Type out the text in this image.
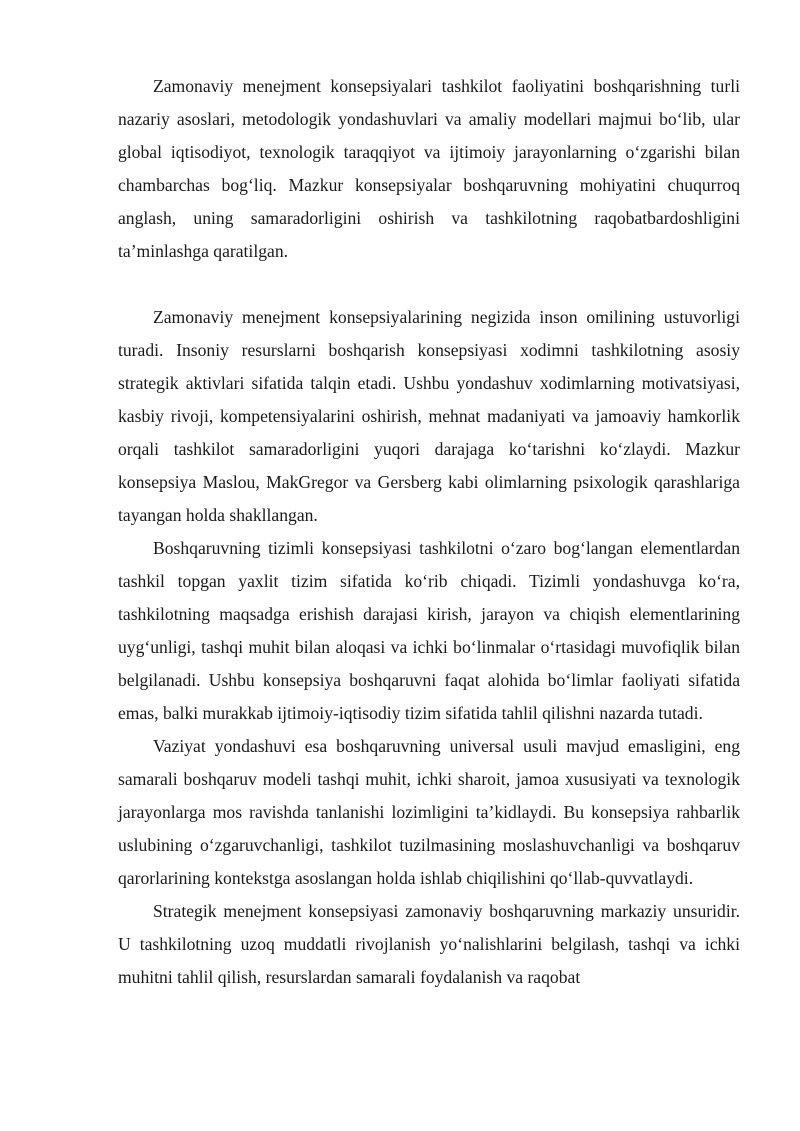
Zamonaviy menejment konsepsiyalari tashkilot faoliyatini boshqarishning turli nazariy asoslari, metodologik yondashuvlari va amaliy modellari majmui bo‘lib, ular global iqtisodiyot, texnologik taraqqiyot va ijtimoiy jarayonlarning o‘zgarishi bilan chambarchas bog‘liq. Mazkur konsepsiyalar boshqaruvning mohiyatini chuqurroq anglash, uning samaradorligini oshirish va tashkilotning raqobatbardoshligini ta’minlashga qaratilgan.

Zamonaviy menejment konsepsiyalarining negizida inson omilining ustuvorligi turadi. Insoniy resurslarni boshqarish konsepsiyasi xodimni tashkilotning asosiy strategik aktivlari sifatida talqin etadi. Ushbu yondashuv xodimlarning motivatsiyasi, kasbiy rivoji, kompetensiyalarini oshirish, mehnat madaniyati va jamoaviy hamkorlik orqali tashkilot samaradorligini yuqori darajaga ko‘tarishni ko‘zlaydi. Mazkur konsepsiya Maslou, MakGregor va Gersberg kabi olimlarning psixologik qarashlariga tayangan holda shakllangan.

Boshqaruvning tizimli konsepsiyasi tashkilotni o‘zaro bog‘langan elementlardan tashkil topgan yaxlit tizim sifatida ko‘rib chiqadi. Tizimli yondashuvga ko‘ra, tashkilotning maqsadga erishish darajasi kirish, jarayon va chiqish elementlarining uyg‘unligi, tashqi muhit bilan aloqasi va ichki bo‘linmalar o‘rtasidagi muvofiqlik bilan belgilanadi. Ushbu konsepsiya boshqaruvni faqat alohida bo‘limlar faoliyati sifatida emas, balki murakkab ijtimoiy-iqtisodiy tizim sifatida tahlil qilishni nazarda tutadi.

Vaziyat yondashuvi esa boshqaruvning universal usuli mavjud emasligini, eng samarali boshqaruv modeli tashqi muhit, ichki sharoit, jamoa xususiyati va texnologik jarayonlarga mos ravishda tanlanishi lozimligini ta’kidlaydi. Bu konsepsiya rahbarlik uslubining o‘zgaruvchanligi, tashkilot tuzilmasining moslashuvchanligi va boshqaruv qarorlarining kontekstga asoslangan holda ishlab chiqilishini qo‘llab-quvvatlaydi.

Strategik menejment konsepsiyasi zamonaviy boshqaruvning markaziy unsuridir. U tashkilotning uzoq muddatli rivojlanish yo‘nalishlarini belgilash, tashqi va ichki muhitni tahlil qilish, resurslardan samarali foydalanish va raqobat
